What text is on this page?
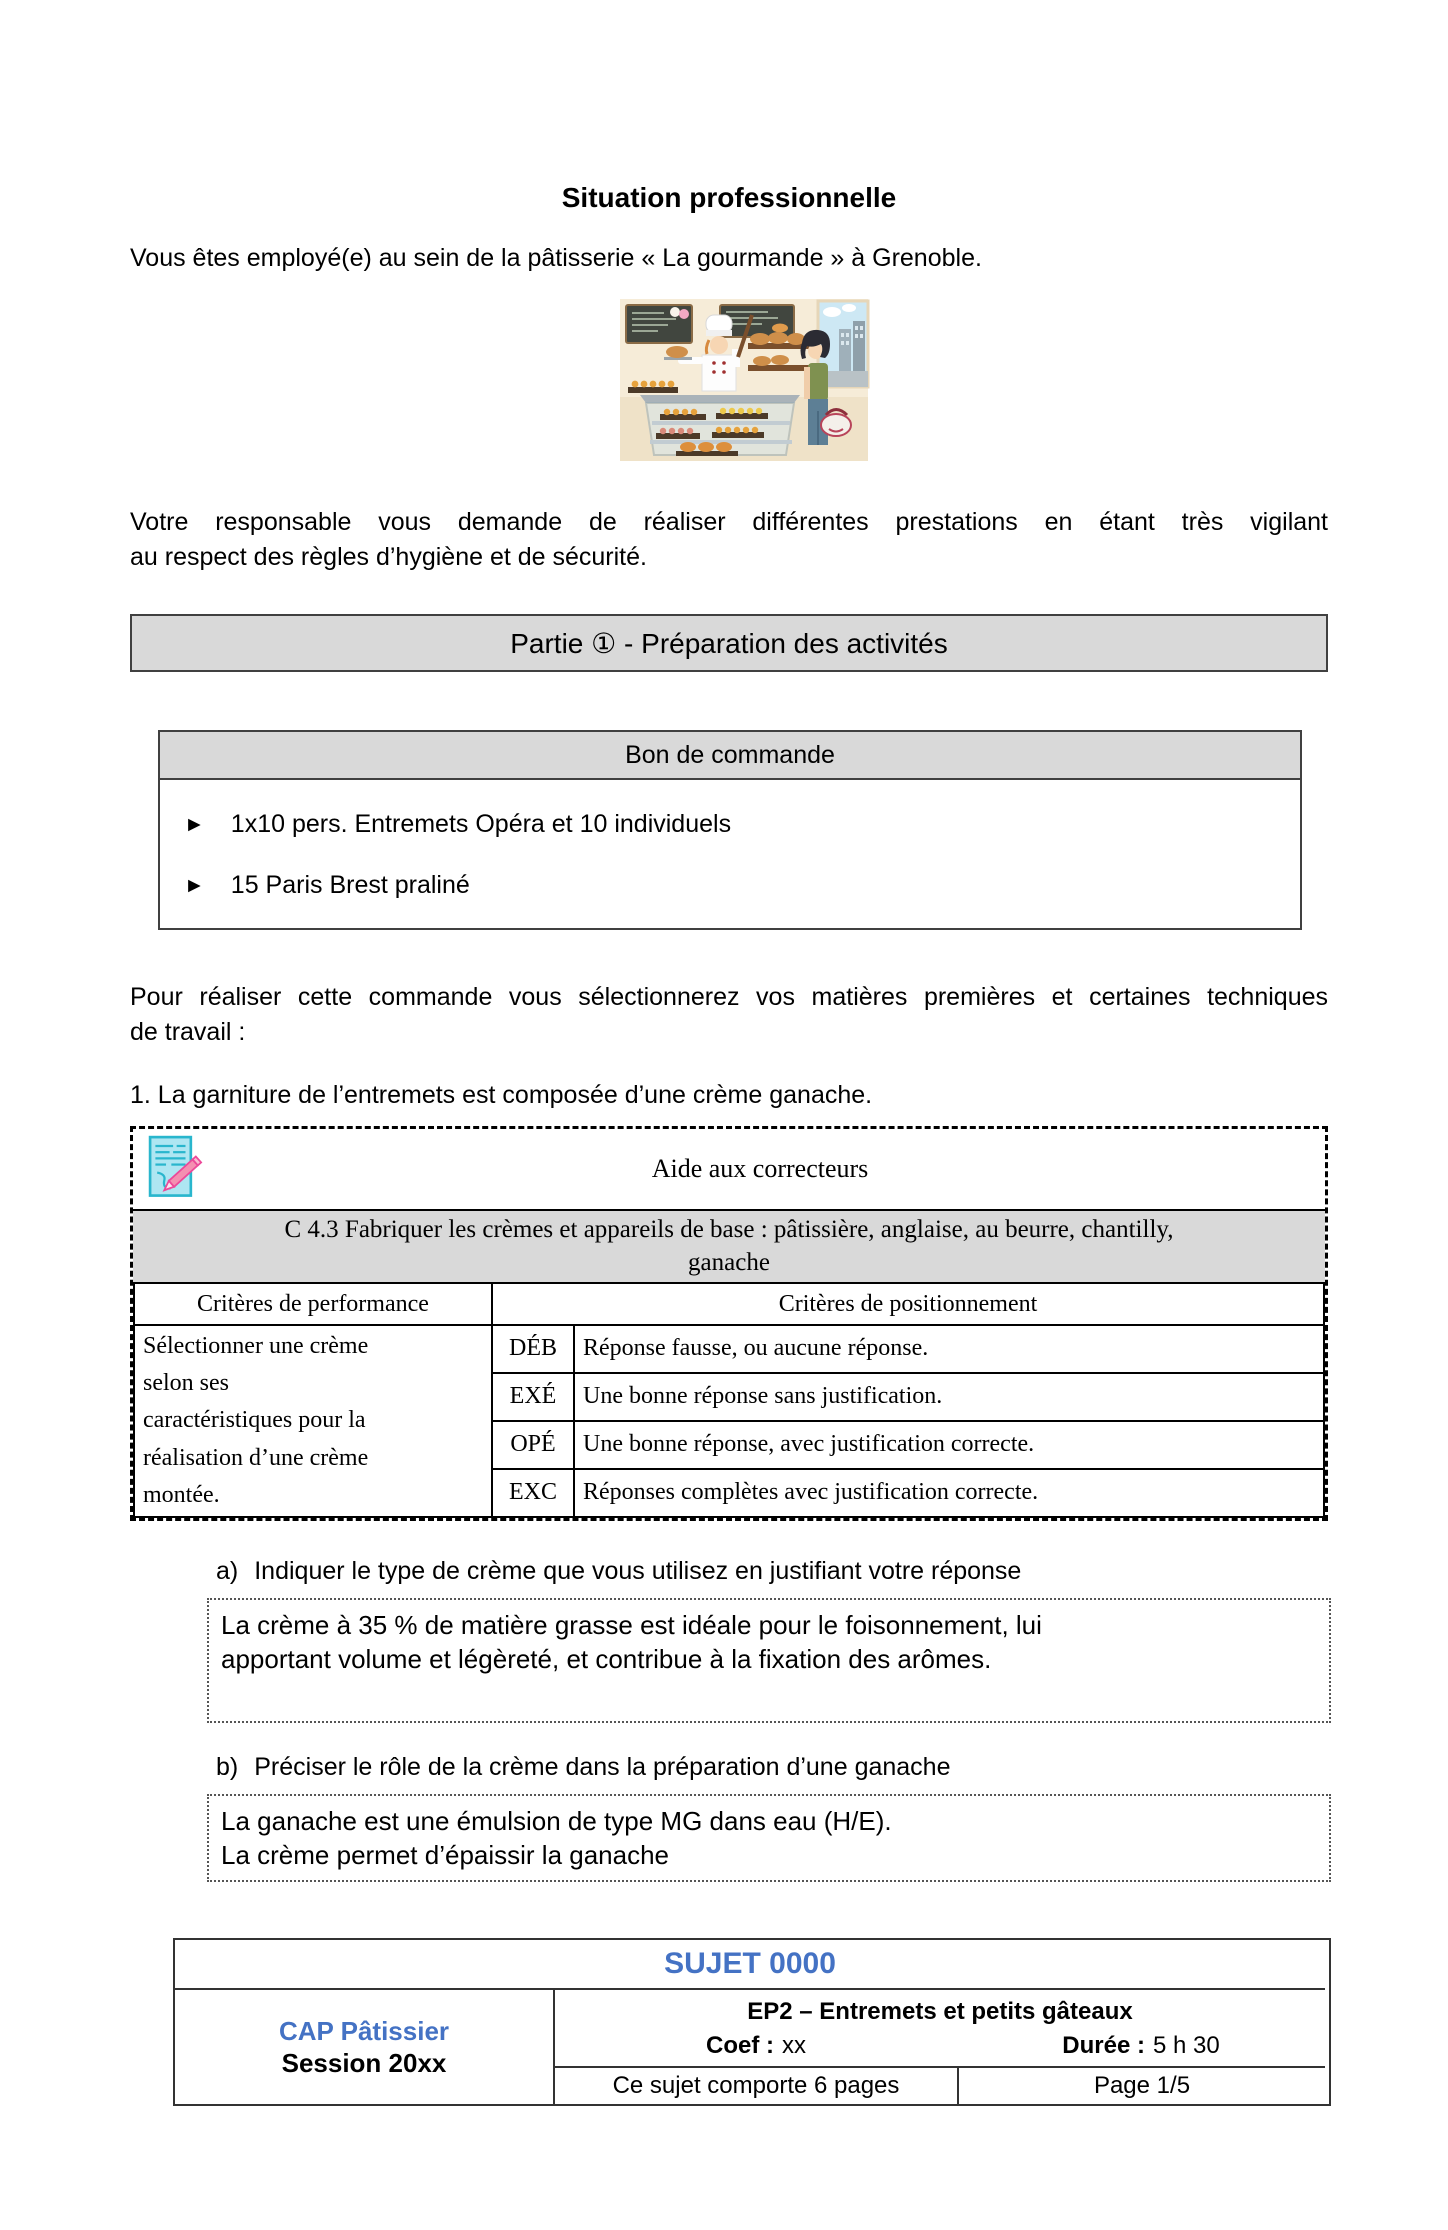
Situation professionnelle
Vous êtes employé(e) au sein de la pâtisserie « La gourmande » à Grenoble.
Votre responsable vous demande de réaliser différentes prestations en étant très vigilant
au respect des règles d’hygiène et de sécurité.
Partie ① - Préparation des activités
Bon de commande
► 1x10 pers. Entremets Opéra et 10 individuels
► 15 Paris Brest praliné
Pour réaliser cette commande vous sélectionnerez vos matières premières et certaines techniques
de travail :
1. La garniture de l’entremets est composée d’une crème ganache.
Aide aux correcteurs
C 4.3 Fabriquer les crèmes et appareils de base : pâtissière, anglaise, au beurre, chantilly,
ganache
Critères de performance	Critères de positionnement	

Sélectionner une crème
selon ses
caractéristiques pour la
réalisation d’une crème
montée.	DÉB	Réponse fausse, ou aucune réponse.
	EXÉ	Une bonne réponse sans justification.
	OPÉ	Une bonne réponse, avec justification correcte.
	EXC	Réponses complètes avec justification correcte.
a) Indiquer le type de crème que vous utilisez en justifiant votre réponse
La crème à 35 % de matière grasse est idéale pour le foisonnement, lui
apportant volume et légèreté, et contribue à la fixation des arômes.
b) Préciser le rôle de la crème dans la préparation d’une ganache
La ganache est une émulsion de type MG dans eau (H/E).
La crème permet d’épaissir la ganache
SUJET 0000
CAP Pâtissier
Session 20xx
EP2 – Entremets et petits gâteaux
Coef : xx	Durée : 5 h 30
Ce sujet comporte 6 pages	Page 1/5
